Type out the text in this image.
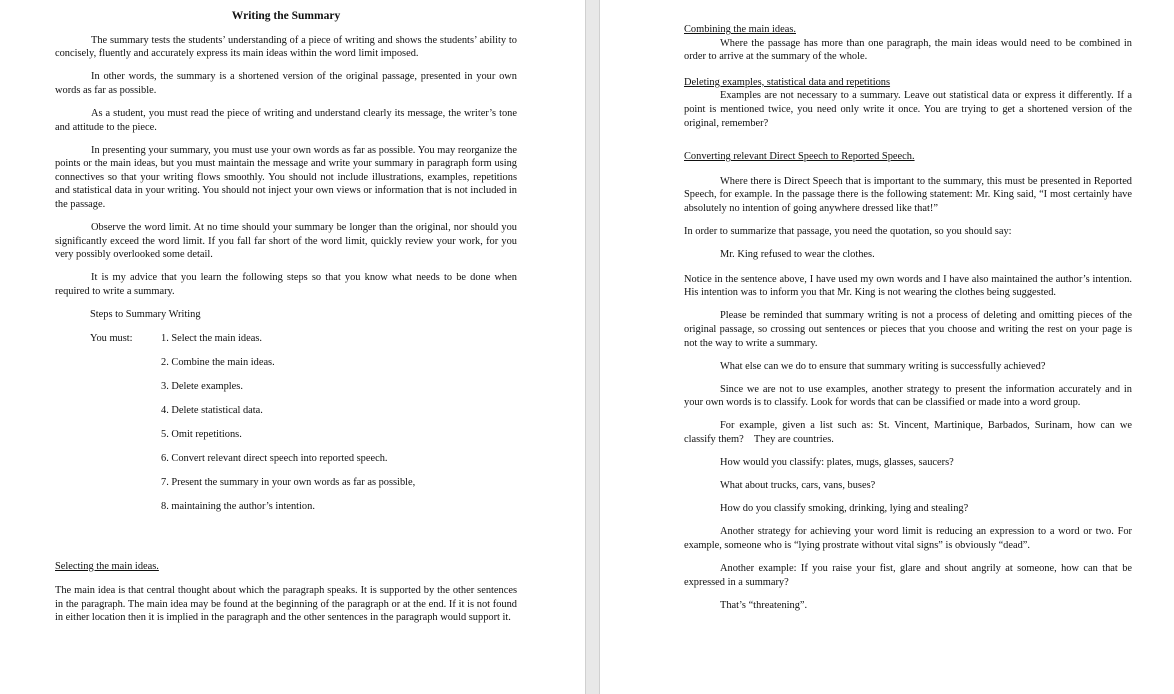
Writing the Summary

The summary tests the students’ understanding of a piece of writing and shows the students’ ability to concisely, fluently and accurately express its main ideas within the word limit imposed.

In other words, the summary is a shortened version of the original passage, presented in your own words as far as possible.

As a student, you must read the piece of writing and understand clearly its message, the writer’s tone and attitude to the piece.

In presenting your summary, you must use your own words as far as possible. You may reorganize the points or the main ideas, but you must maintain the message and write your summary in paragraph form using connectives so that your writing flows smoothly. You should not include illustrations, examples, repetitions and statistical data in your writing. You should not inject your own views or information that is not included in the passage.

Observe the word limit. At no time should your summary be longer than the original, nor should you significantly exceed the word limit. If you fall far short of the word limit, quickly review your work, for you very possibly overlooked some detail.

It is my advice that you learn the following steps so that you know what needs to be done when required to write a summary.

Steps to Summary Writing
You must:	1. Select the main ideas.
2. Combine the main ideas.
3. Delete examples.
4. Delete statistical data.
5. Omit repetitions.
6. Convert relevant direct speech into reported speech.
7. Present the summary in your own words as far as possible,
8. maintaining the author’s intention.

Selecting the main ideas.

The main idea is that central thought about which the paragraph speaks. It is supported by the other sentences in the paragraph. The main idea may be found at the beginning of the paragraph or at the end. If it is not found in either location then it is implied in the paragraph and the other sentences in the paragraph would support it.

Combining the main ideas.

Where the passage has more than one paragraph, the main ideas would need to be combined in order to arrive at the summary of the whole.

Deleting examples, statistical data and repetitions

Examples are not necessary to a summary. Leave out statistical data or express it differently. If a point is mentioned twice, you need only write it once. You are trying to get a shortened version of the original, remember?

Converting relevant Direct Speech to Reported Speech.

Where there is Direct Speech that is important to the summary, this must be presented in Reported Speech, for example. In the passage there is the following statement: Mr. King said, “I most certainly have absolutely no intention of going anywhere dressed like that!”

In order to summarize that passage, you need the quotation, so you should say:

Mr. King refused to wear the clothes.

Notice in the sentence above, I have used my own words and I have also maintained the author’s intention. His intention was to inform you that Mr. King is not wearing the clothes being suggested.

Please be reminded that summary writing is not a process of deleting and omitting pieces of the original passage, so crossing out sentences or pieces that you choose and writing the rest on your page is not the way to write a summary.

What else can we do to ensure that summary writing is successfully achieved?

Since we are not to use examples, another strategy to present the information accurately and in your own words is to classify. Look for words that can be classified or made into a word group.

For example, given a list such as: St. Vincent, Martinique, Barbados, Surinam, how can we classify them?    They are countries.

How would you classify: plates, mugs, glasses, saucers?

What about trucks, cars, vans, buses?

How do you classify smoking, drinking, lying and stealing?

Another strategy for achieving your word limit is reducing an expression to a word or two. For example, someone who is “lying prostrate without vital signs” is obviously “dead”.

Another example: If you raise your fist, glare and shout angrily at someone, how can that be expressed in a summary?

That’s “threatening”.
